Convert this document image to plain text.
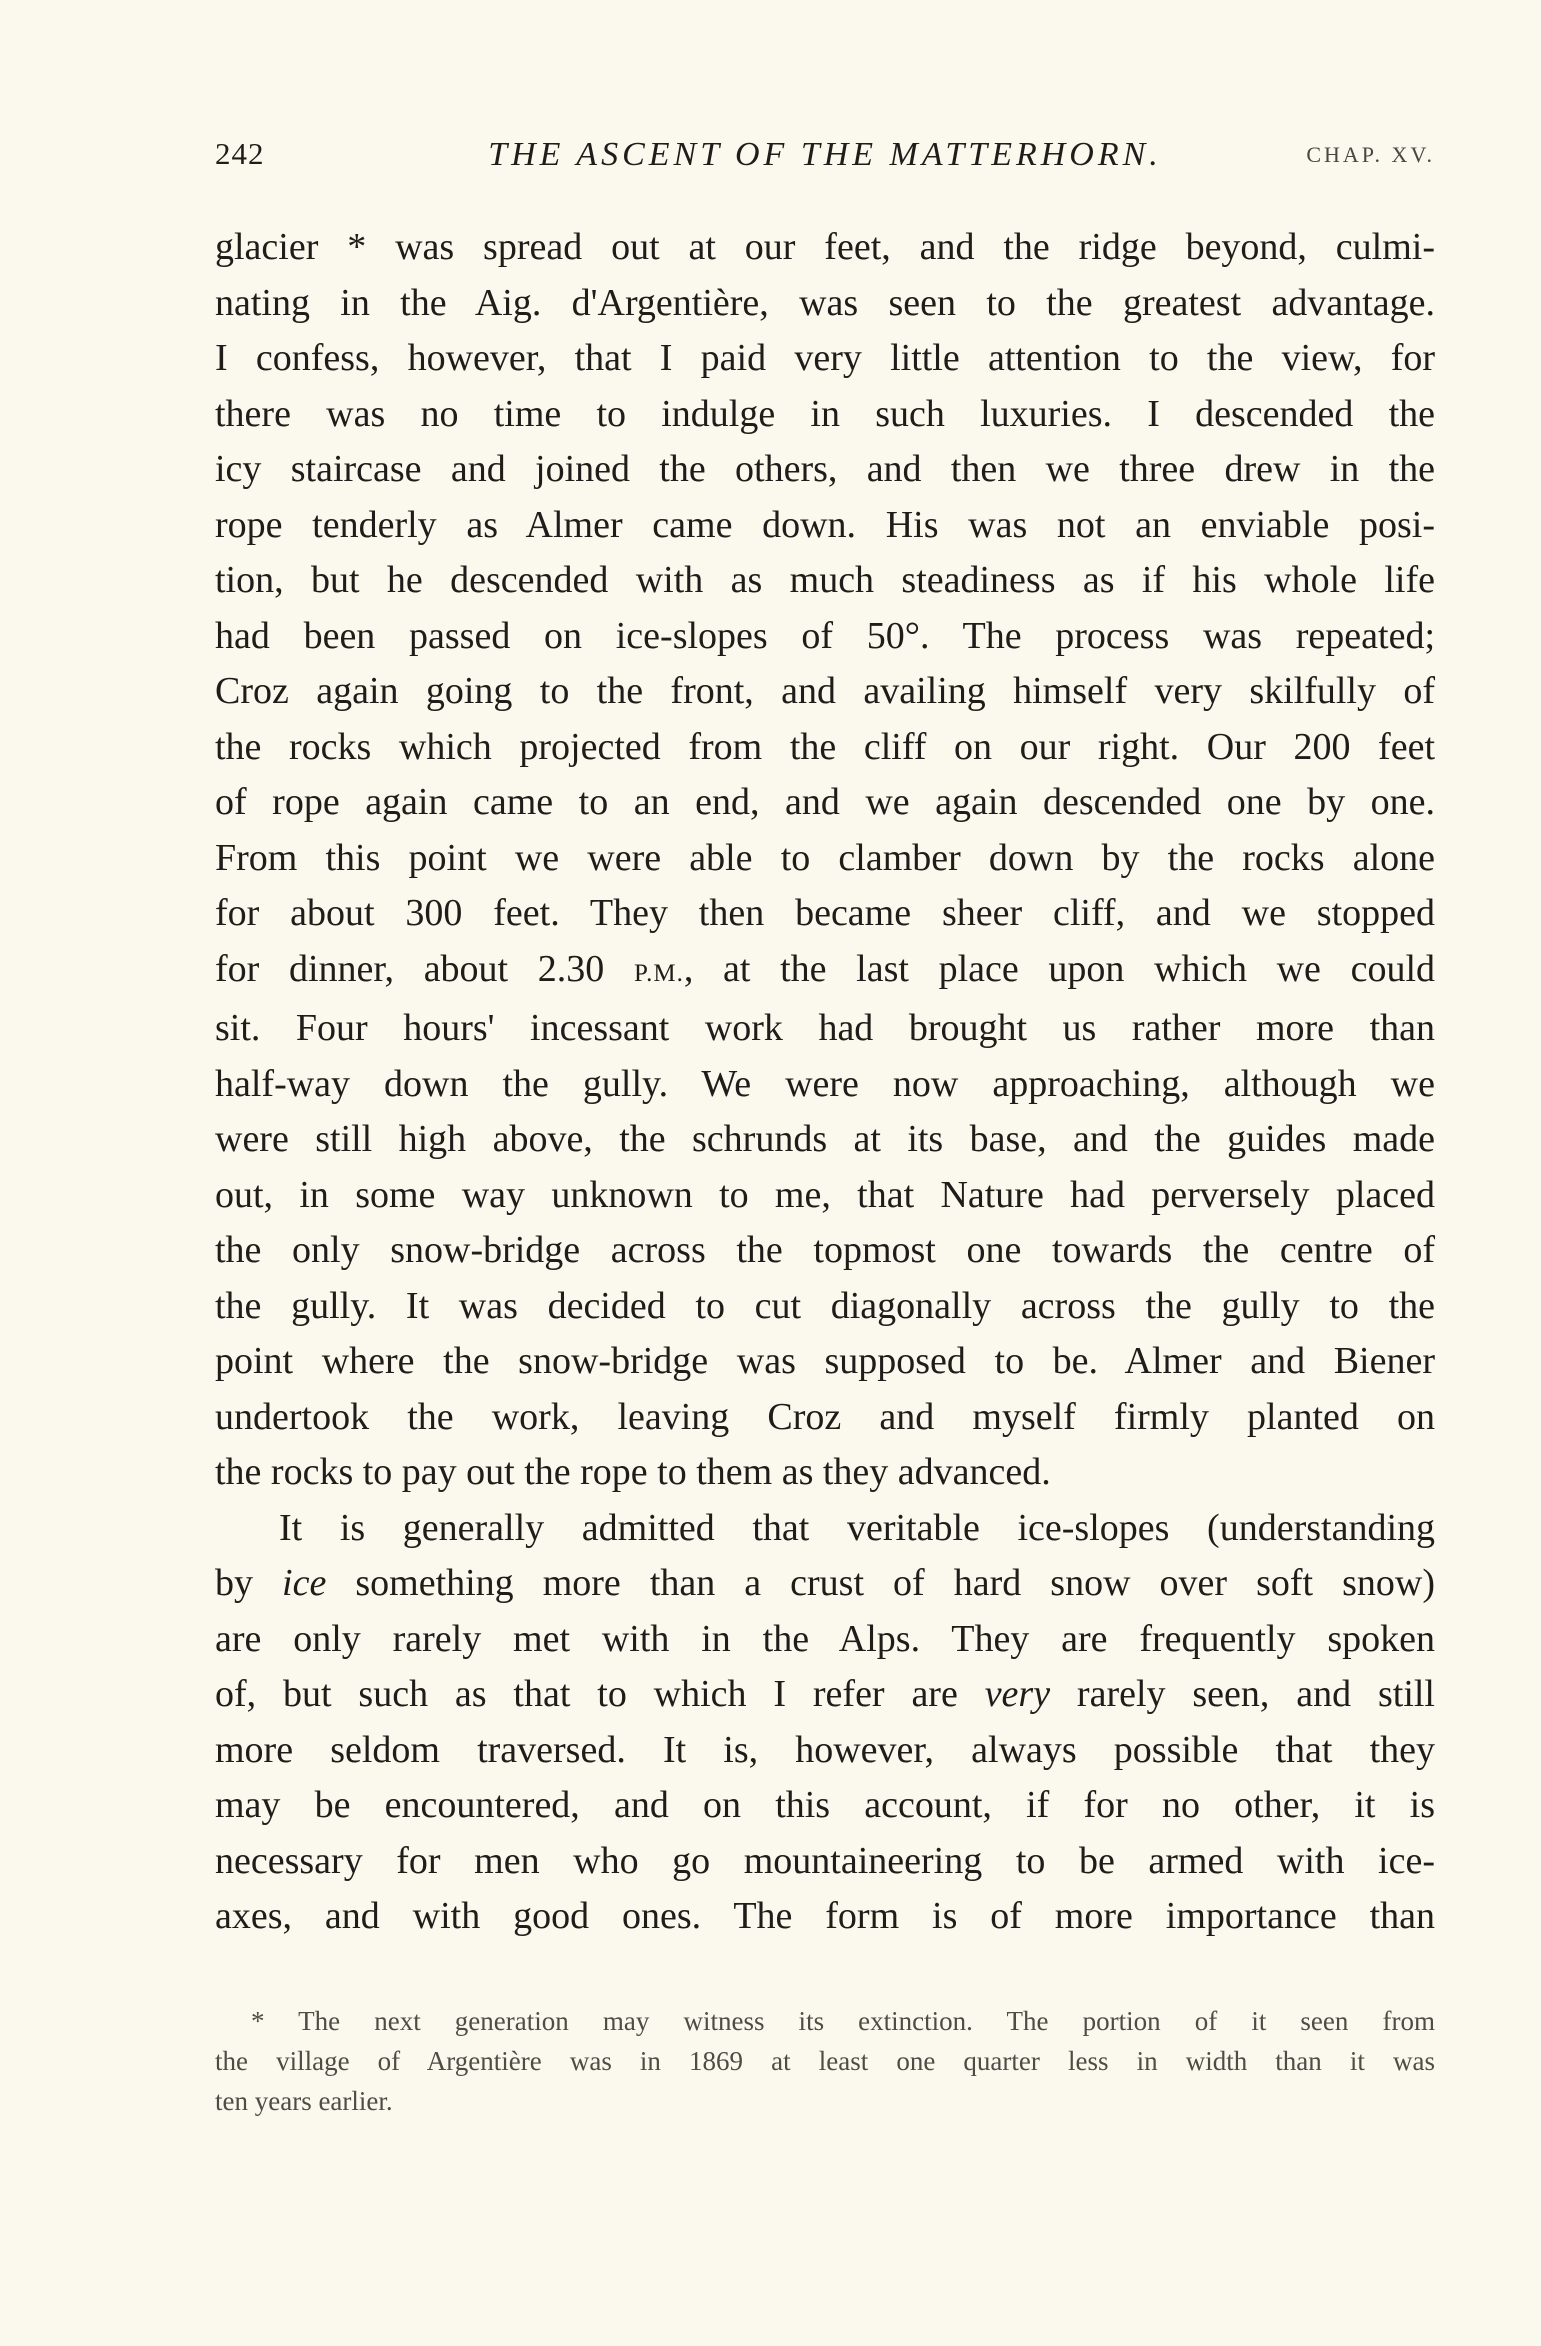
242	THE ASCENT OF THE MATTERHORN.	CHAP. XV.
glacier * was spread out at our feet, and the ridge beyond, culmi-
nating in the Aig. d'Argentière, was seen to the greatest advantage.
I confess, however, that I paid very little attention to the view, for
there was no time to indulge in such luxuries. I descended the
icy staircase and joined the others, and then we three drew in the
rope tenderly as Almer came down. His was not an enviable posi-
tion, but he descended with as much steadiness as if his whole life
had been passed on ice-slopes of 50°. The process was repeated;
Croz again going to the front, and availing himself very skilfully of
the rocks which projected from the cliff on our right. Our 200 feet
of rope again came to an end, and we again descended one by one.
From this point we were able to clamber down by the rocks alone
for about 300 feet. They then became sheer cliff, and we stopped
for dinner, about 2.30 P.M., at the last place upon which we could
sit. Four hours' incessant work had brought us rather more than
half-way down the gully. We were now approaching, although we
were still high above, the schrunds at its base, and the guides made
out, in some way unknown to me, that Nature had perversely placed
the only snow-bridge across the topmost one towards the centre of
the gully. It was decided to cut diagonally across the gully to the
point where the snow-bridge was supposed to be. Almer and Biener
undertook the work, leaving Croz and myself firmly planted on
the rocks to pay out the rope to them as they advanced.
It is generally admitted that veritable ice-slopes (understanding
by ice something more than a crust of hard snow over soft snow)
are only rarely met with in the Alps. They are frequently spoken
of, but such as that to which I refer are very rarely seen, and still
more seldom traversed. It is, however, always possible that they
may be encountered, and on this account, if for no other, it is
necessary for men who go mountaineering to be armed with ice-
axes, and with good ones. The form is of more importance than
* The next generation may witness its extinction. The portion of it seen from
the village of Argentière was in 1869 at least one quarter less in width than it was
ten years earlier.
